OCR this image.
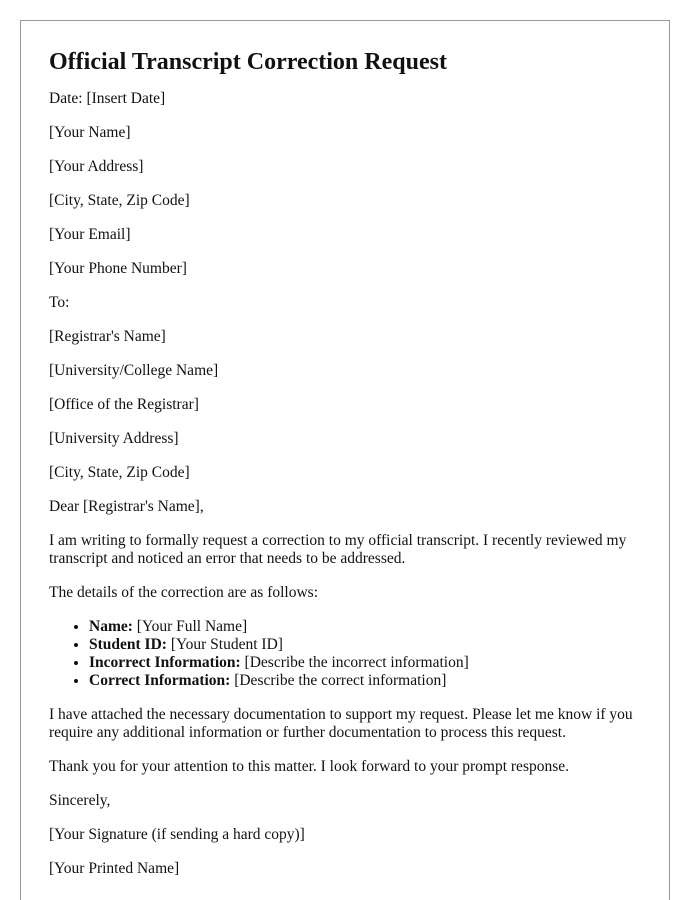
Official Transcript Correction Request

Date: [Insert Date]

[Your Name]

[Your Address]

[City, State, Zip Code]

[Your Email]

[Your Phone Number]

To:

[Registrar's Name]

[University/College Name]

[Office of the Registrar]

[University Address]

[City, State, Zip Code]

Dear [Registrar's Name],

I am writing to formally request a correction to my official transcript. I recently reviewed my transcript and noticed an error that needs to be addressed.

The details of the correction are as follows:

• Name: [Your Full Name]
• Student ID: [Your Student ID]
• Incorrect Information: [Describe the incorrect information]
• Correct Information: [Describe the correct information]

I have attached the necessary documentation to support my request. Please let me know if you require any additional information or further documentation to process this request.

Thank you for your attention to this matter. I look forward to your prompt response.

Sincerely,

[Your Signature (if sending a hard copy)]

[Your Printed Name]
